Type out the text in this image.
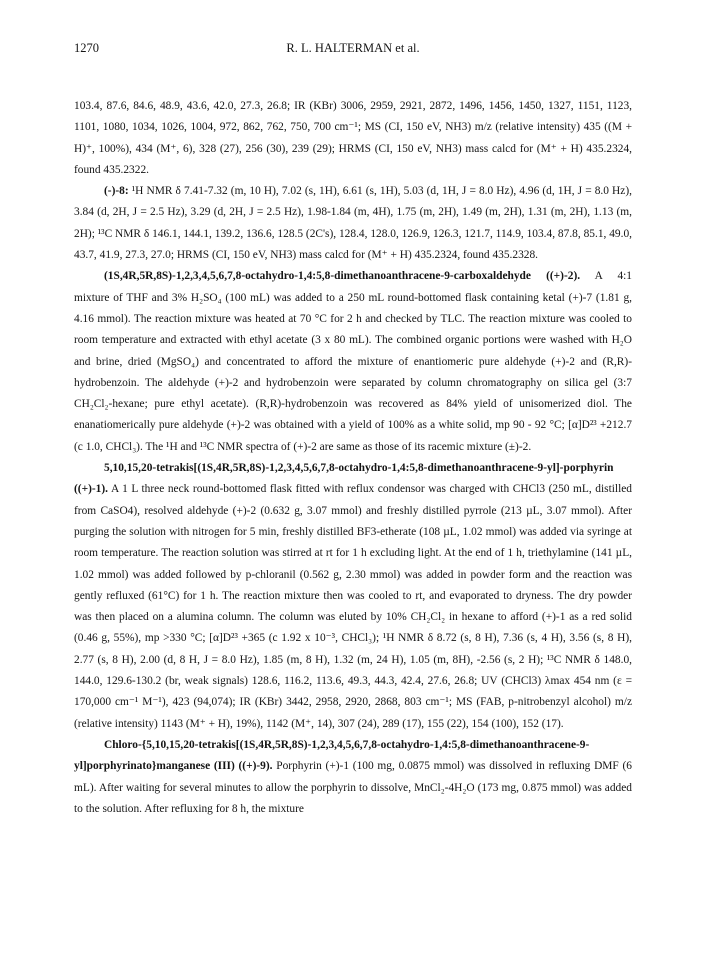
1270	R. L. HALTERMAN et al.

103.4, 87.6, 84.6, 48.9, 43.6, 42.0, 27.3, 26.8; IR (KBr) 3006, 2959, 2921, 2872, 1496, 1456, 1450, 1327, 1151, 1123, 1101, 1080, 1034, 1026, 1004, 972, 862, 762, 750, 700 cm⁻¹; MS (CI, 150 eV, NH3) m/z (relative intensity) 435 ((M + H)⁺, 100%), 434 (M⁺, 6), 328 (27), 256 (30), 239 (29); HRMS (CI, 150 eV, NH3) mass calcd for (M⁺ + H) 435.2324, found 435.2322.

(-)-8: ¹H NMR δ 7.41-7.32 (m, 10 H), 7.02 (s, 1H), 6.61 (s, 1H), 5.03 (d, 1H, J = 8.0 Hz), 4.96 (d, 1H, J = 8.0 Hz), 3.84 (d, 2H, J = 2.5 Hz), 3.29 (d, 2H, J = 2.5 Hz), 1.98-1.84 (m, 4H), 1.75 (m, 2H), 1.49 (m, 2H), 1.31 (m, 2H), 1.13 (m, 2H); ¹³C NMR δ 146.1, 144.1, 139.2, 136.6, 128.5 (2C's), 128.4, 128.0, 126.9, 126.3, 121.7, 114.9, 103.4, 87.8, 85.1, 49.0, 43.7, 41.9, 27.3, 27.0; HRMS (CI, 150 eV, NH3) mass calcd for (M⁺ + H) 435.2324, found 435.2328.

(1S,4R,5R,8S)-1,2,3,4,5,6,7,8-octahydro-1,4:5,8-dimethanoanthracene-9-carboxaldehyde ((+)-2). A 4:1 mixture of THF and 3% H₂SO₄ (100 mL) was added to a 250 mL round-bottomed flask containing ketal (+)-7 (1.81 g, 4.16 mmol). The reaction mixture was heated at 70 °C for 2 h and checked by TLC. The reaction mixture was cooled to room temperature and extracted with ethyl acetate (3 x 80 mL). The combined organic portions were washed with H₂O and brine, dried (MgSO₄) and concentrated to afford the mixture of enantiomeric pure aldehyde (+)-2 and (R,R)-hydrobenzoin. The aldehyde (+)-2 and hydrobenzoin were separated by column chromatography on silica gel (3:7 CH₂Cl₂-hexane; pure ethyl acetate). (R,R)-hydrobenzoin was recovered as 84% yield of unisomerized diol. The enanatiomerically pure aldehyde (+)-2 was obtained with a yield of 100% as a white solid, mp 90 - 92 °C; [α]D²³ +212.7 (c 1.0, CHCl₃). The ¹H and ¹³C NMR spectra of (+)-2 are same as those of its racemic mixture (±)-2.

5,10,15,20-tetrakis[(1S,4R,5R,8S)-1,2,3,4,5,6,7,8-octahydro-1,4:5,8-dimethanoanthracene-9-yl]-porphyrin ((+)-1). A 1 L three neck round-bottomed flask fitted with reflux condensor was charged with CHCl3 (250 mL, distilled from CaSO4), resolved aldehyde (+)-2 (0.632 g, 3.07 mmol) and freshly distilled pyrrole (213 µL, 3.07 mmol). After purging the solution with nitrogen for 5 min, freshly distilled BF3-etherate (108 µL, 1.02 mmol) was added via syringe at room temperature. The reaction solution was stirred at rt for 1 h excluding light. At the end of 1 h, triethylamine (141 µL, 1.02 mmol) was added followed by p-chloranil (0.562 g, 2.30 mmol) was added in powder form and the reaction was gently refluxed (61°C) for 1 h. The reaction mixture then was cooled to rt, and evaporated to dryness. The dry powder was then placed on a alumina column. The column was eluted by 10% CH₂Cl₂ in hexane to afford (+)-1 as a red solid (0.46 g, 55%), mp >330 °C; [α]D²³ +365 (c 1.92 x 10⁻³, CHCl₃); ¹H NMR δ 8.72 (s, 8 H), 7.36 (s, 4 H), 3.56 (s, 8 H), 2.77 (s, 8 H), 2.00 (d, 8 H, J = 8.0 Hz), 1.85 (m, 8 H), 1.32 (m, 24 H), 1.05 (m, 8H), -2.56 (s, 2 H); ¹³C NMR δ 148.0, 144.0, 129.6-130.2 (br, weak signals) 128.6, 116.2, 113.6, 49.3, 44.3, 42.4, 27.6, 26.8; UV (CHCl3) λmax 454 nm (ε = 170,000 cm⁻¹ M⁻¹), 423 (94,074); IR (KBr) 3442, 2958, 2920, 2868, 803 cm⁻¹; MS (FAB, p-nitrobenzyl alcohol) m/z (relative intensity) 1143 (M⁺ + H), 19%), 1142 (M⁺, 14), 307 (24), 289 (17), 155 (22), 154 (100), 152 (17).

Chloro-{5,10,15,20-tetrakis[(1S,4R,5R,8S)-1,2,3,4,5,6,7,8-octahydro-1,4:5,8-dimethanoanthracene-9-yl]porphyrinato}manganese (III) ((+)-9). Porphyrin (+)-1 (100 mg, 0.0875 mmol) was dissolved in refluxing DMF (6 mL). After waiting for several minutes to allow the porphyrin to dissolve, MnCl₂-4H₂O (173 mg, 0.875 mmol) was added to the solution. After refluxing for 8 h, the mixture
